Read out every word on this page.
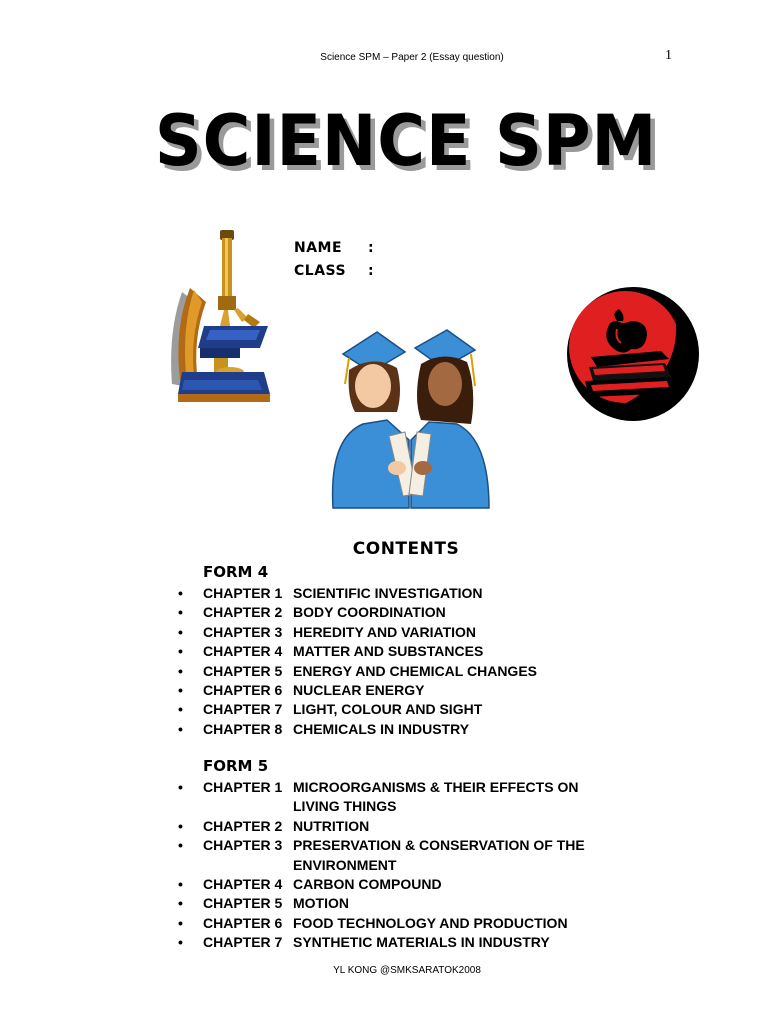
Science SPM – Paper 2 (Essay question)	1
SCIENCE SPM
NAME :
CLASS :
CONTENTS
FORM 4
• CHAPTER 1 SCIENTIFIC INVESTIGATION
• CHAPTER 2 BODY COORDINATION
• CHAPTER 3 HEREDITY AND VARIATION
• CHAPTER 4 MATTER AND SUBSTANCES
• CHAPTER 5 ENERGY AND CHEMICAL CHANGES
• CHAPTER 6 NUCLEAR ENERGY
• CHAPTER 7 LIGHT, COLOUR AND SIGHT
• CHAPTER 8 CHEMICALS IN INDUSTRY
FORM 5
• CHAPTER 1 MICROORGANISMS & THEIR EFFECTS ON LIVING THINGS
• CHAPTER 2 NUTRITION
• CHAPTER 3 PRESERVATION & CONSERVATION OF THE ENVIRONMENT
• CHAPTER 4 CARBON COMPOUND
• CHAPTER 5 MOTION
• CHAPTER 6 FOOD TECHNOLOGY AND PRODUCTION
• CHAPTER 7 SYNTHETIC MATERIALS IN INDUSTRY
YL KONG @SMKSARATOK2008
